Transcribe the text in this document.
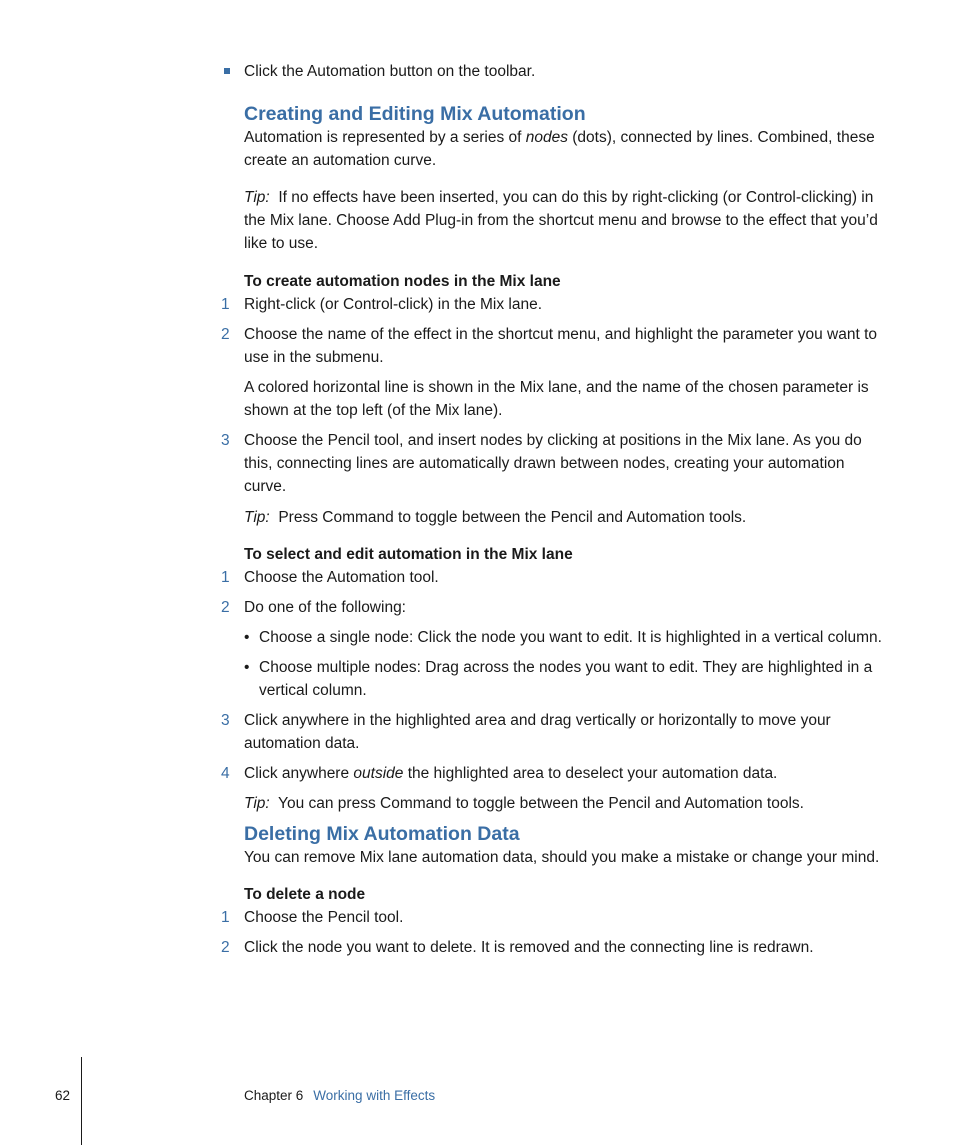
Click the Automation button on the toolbar.
Creating and Editing Mix Automation

Automation is represented by a series of nodes (dots), connected by lines. Combined, these create an automation curve.

Tip: If no effects have been inserted, you can do this by right-clicking (or Control-clicking) in the Mix lane. Choose Add Plug-in from the shortcut menu and browse to the effect that you’d like to use.

To create automation nodes in the Mix lane
1 Right-click (or Control-click) in the Mix lane.
2 Choose the name of the effect in the shortcut menu, and highlight the parameter you want to use in the submenu.

A colored horizontal line is shown in the Mix lane, and the name of the chosen parameter is shown at the top left (of the Mix lane).

3 Choose the Pencil tool, and insert nodes by clicking at positions in the Mix lane. As you do this, connecting lines are automatically drawn between nodes, creating your automation curve.

Tip: Press Command to toggle between the Pencil and Automation tools.

To select and edit automation in the Mix lane
1 Choose the Automation tool.
2 Do one of the following:
• Choose a single node: Click the node you want to edit. It is highlighted in a vertical column.
• Choose multiple nodes: Drag across the nodes you want to edit. They are highlighted in a vertical column.
3 Click anywhere in the highlighted area and drag vertically or horizontally to move your automation data.
4 Click anywhere outside the highlighted area to deselect your automation data.

Tip: You can press Command to toggle between the Pencil and Automation tools.

Deleting Mix Automation Data

You can remove Mix lane automation data, should you make a mistake or change your mind.

To delete a node
1 Choose the Pencil tool.
2 Click the node you want to delete. It is removed and the connecting line is redrawn.
62	Chapter 6 Working with Effects
